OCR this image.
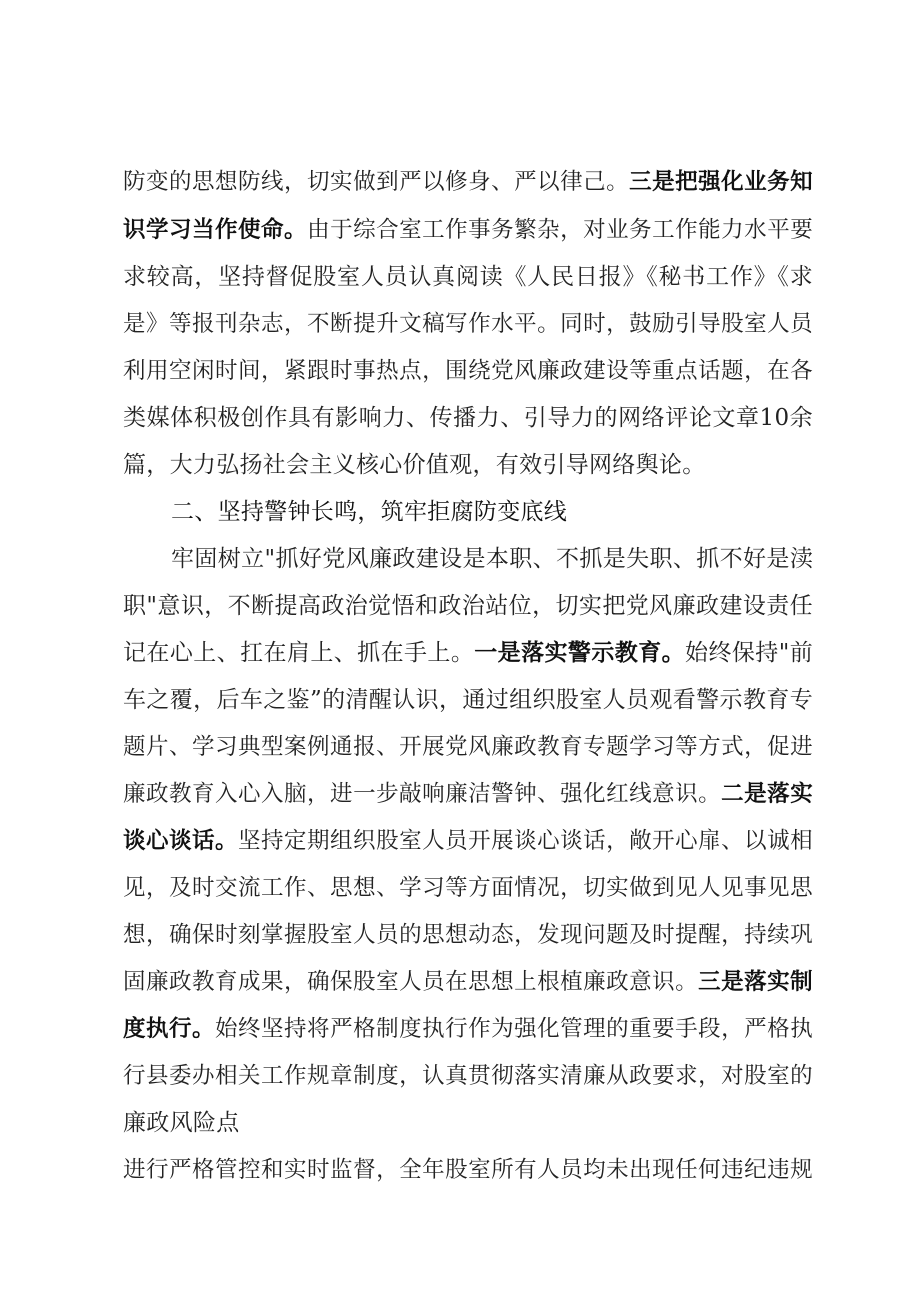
防变的思想防线，切实做到严以修身、严以律己。三是把强化业务知
识学习当作使命。由于综合室工作事务繁杂，对业务工作能力水平要
求较高，坚持督促股室人员认真阅读《人民日报》《秘书工作》《求
是》等报刊杂志，不断提升文稿写作水平。同时，鼓励引导股室人员
利用空闲时间，紧跟时事热点，围绕党风廉政建设等重点话题，在各
类媒体积极创作具有影响力、传播力、引导力的网络评论文章10余
篇，大力弘扬社会主义核心价值观，有效引导网络舆论。
二、坚持警钟长鸣，筑牢拒腐防变底线
牢固树立"抓好党风廉政建设是本职、不抓是失职、抓不好是渎
职"意识，不断提高政治觉悟和政治站位，切实把党风廉政建设责任
记在心上、扛在肩上、抓在手上。一是落实警示教育。始终保持"前
车之覆，后车之鉴”的清醒认识，通过组织股室人员观看警示教育专
题片、学习典型案例通报、开展党风廉政教育专题学习等方式，促进
廉政教育入心入脑，进一步敲响廉洁警钟、强化红线意识。二是落实
谈心谈话。坚持定期组织股室人员开展谈心谈话，敞开心扉、以诚相
见，及时交流工作、思想、学习等方面情况，切实做到见人见事见思
想，确保时刻掌握股室人员的思想动态，发现问题及时提醒，持续巩
固廉政教育成果，确保股室人员在思想上根植廉政意识。三是落实制
度执行。始终坚持将严格制度执行作为强化管理的重要手段，严格执
行县委办相关工作规章制度，认真贯彻落实清廉从政要求，对股室的
廉政风险点
进行严格管控和实时监督，全年股室所有人员均未出现任何违纪违规
